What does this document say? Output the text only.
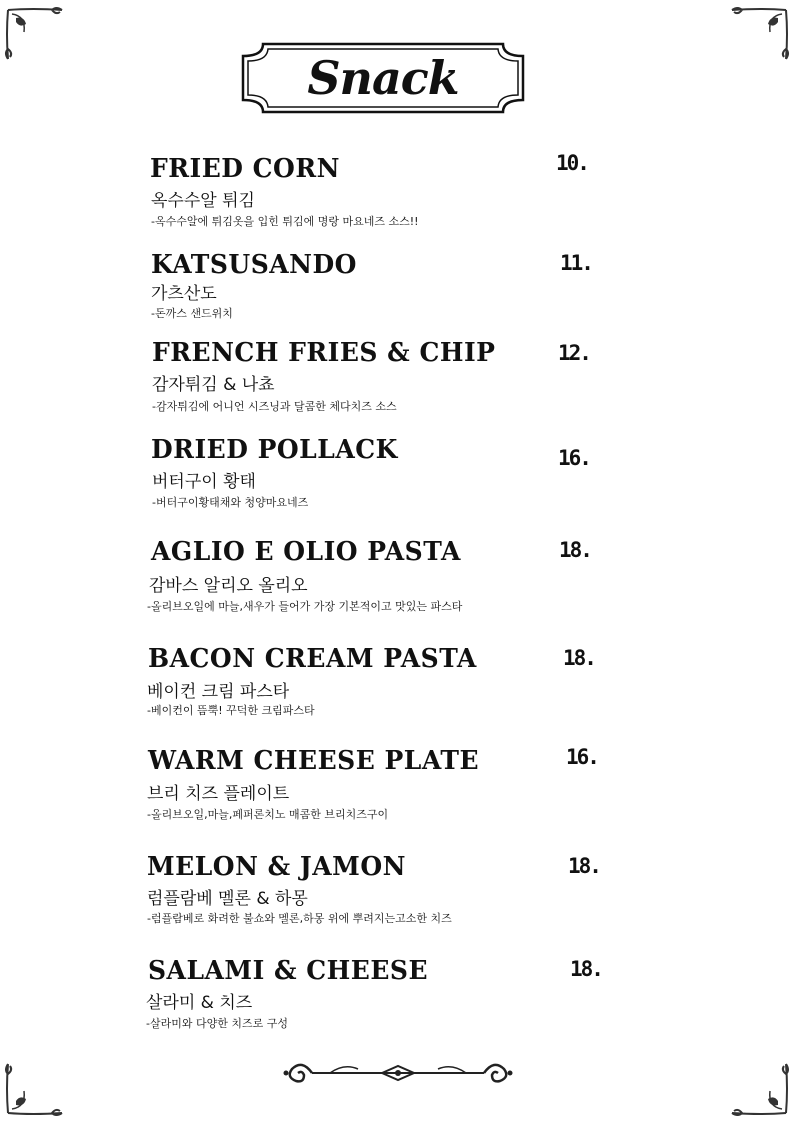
Snack
FRIED CORN	10.
옥수수알 튀김
-옥수수알에 튀김옷을 입힌 튀김에 명랑 마요네즈 소스!!
KATSUSANDO	11.
가츠산도
-돈까스 샌드위치
FRENCH FRIES & CHIP	12.
감자튀김 & 나쵸
-감자튀김에 어니언 시즈닝과 달콤한 체다치즈 소스
DRIED POLLACK	16.
버터구이 황태
-버터구이황태채와 청양마요네즈
AGLIO E OLIO PASTA	18.
감바스 알리오 올리오
-올리브오일에 마늘,새우가 들어가 가장 기본적이고 맛있는 파스타
BACON CREAM PASTA	18.
베이컨 크림 파스타
-베이컨이 뜸뿍! 꾸덕한 크림파스타
WARM CHEESE PLATE	16.
브리 치즈 플레이트
-올리브오일,마늘,페퍼론치노 매콤한 브리치즈구이
MELON & JAMON	18.
럼플람베 멜론 & 하몽
-럼플람베로 화려한 불쇼와 멜론,하몽 위에 뿌려지는고소한 치즈
SALAMI & CHEESE	18.
살라미 & 치즈
-살라미와 다양한 치즈로 구성
